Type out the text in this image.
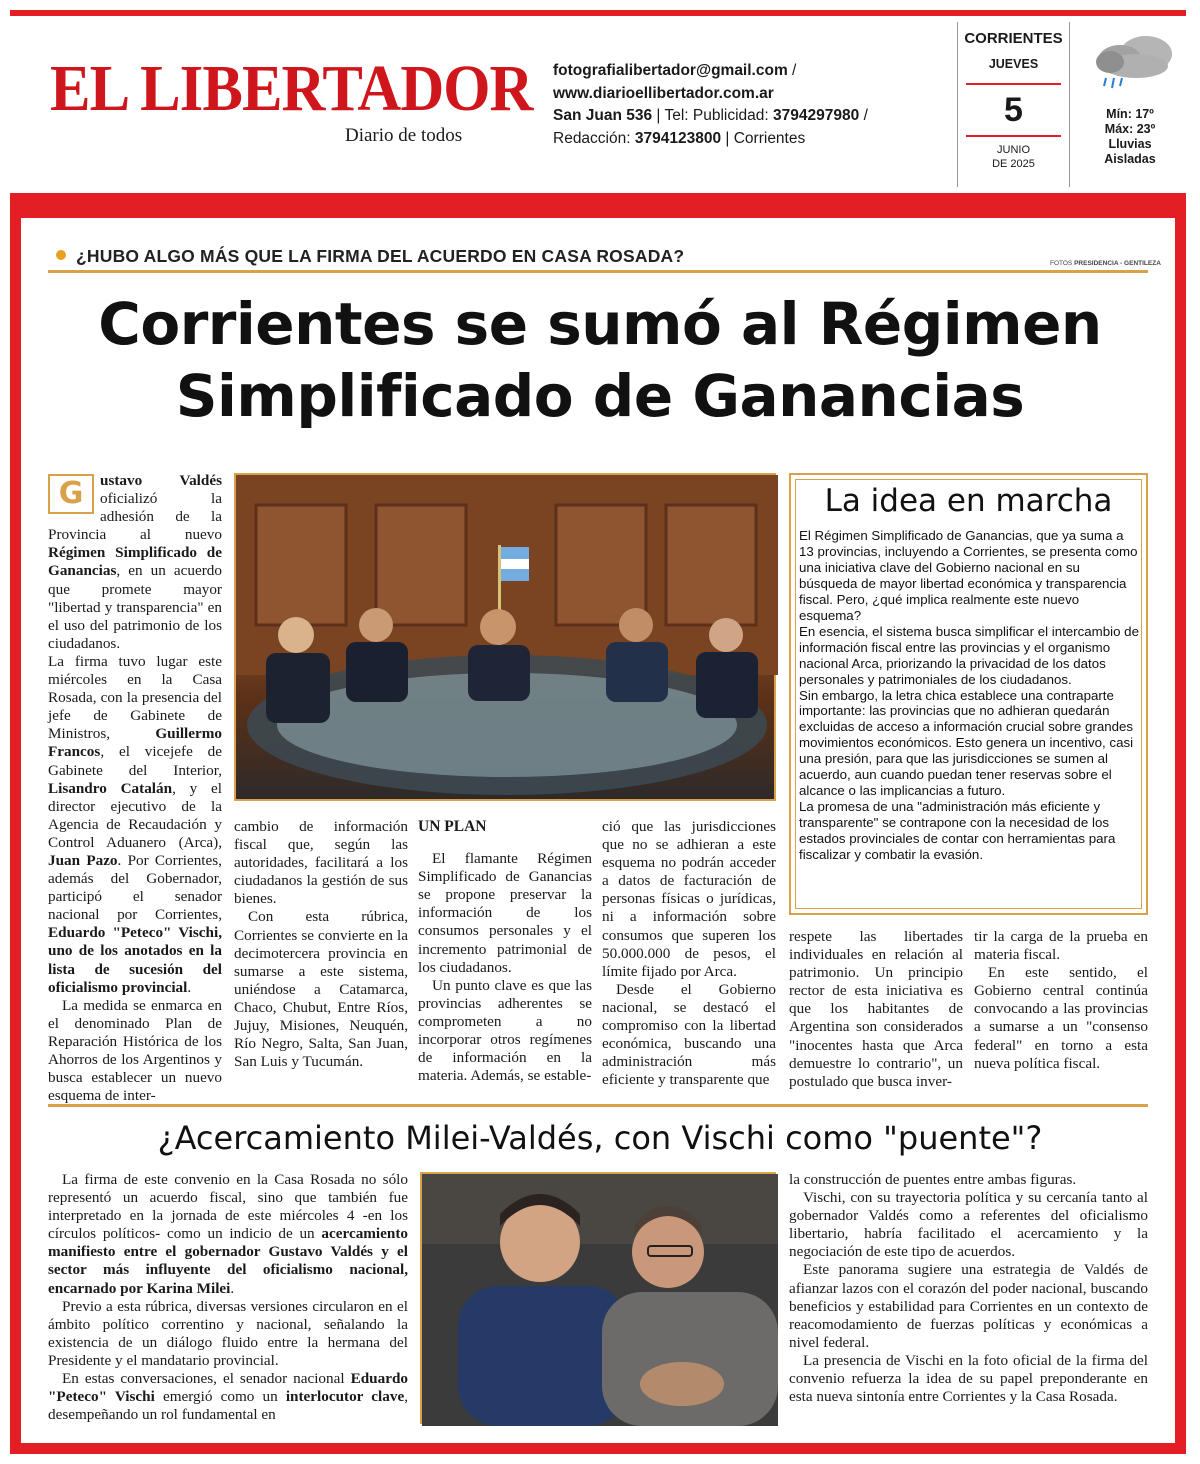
EL LIBERTADOR
Diario de todos
fotografialibertador@gmail.com /
www.diarioellibertador.com.ar
San Juan 536 | Tel: Publicidad: 3794297980 /
Redacción: 3794123800 | Corrientes
CORRIENTES
JUEVES
5
JUNIO
DE 2025
Mín: 17º
Máx: 23º
Lluvias
Aisladas
¿HUBO ALGO MÁS QUE LA FIRMA DEL ACUERDO EN CASA ROSADA?	FOTOS PRESIDENCIA - GENTILEZA
Corrientes se sumó al Régimen
Simplificado de Ganancias

G	ustavo Valdés oficializó la adhesión de la Provincia al nuevo Régimen Simplificado de Ganancias, en un acuerdo que promete mayor "libertad y transparencia" en el uso del patrimonio de los ciudadanos.

La firma tuvo lugar este miércoles en la Casa Rosada, con la presencia del jefe de Gabinete de Ministros, Guillermo Francos, el vicejefe de Gabinete del Interior, Lisandro Catalán, y el director ejecutivo de la Agencia de Recaudación y Control Aduanero (Arca), Juan Pazo. Por Corrientes, además del Gobernador, participó el senador nacional por Corrientes, Eduardo "Peteco" Vischi, uno de los anotados en la lista de sucesión del oficialismo provincial.

La medida se enmarca en el denominado Plan de Reparación Histórica de los Ahorros de los Argentinos y busca establecer un nuevo esquema de inter-

cambio de información fiscal que, según las autoridades, facilitará a los ciudadanos la gestión de sus bienes.

Con esta rúbrica, Corrientes se convierte en la decimotercera provincia en sumarse a este sistema, uniéndose a Catamarca, Chaco, Chubut, Entre Ríos, Jujuy, Misiones, Neuquén, Río Negro, Salta, San Juan, San Luis y Tucumán.

UN PLAN

El flamante Régimen Simplificado de Ganancias se propone preservar la información de los consumos personales y el incremento patrimonial de los ciudadanos.

Un punto clave es que las provincias adherentes se comprometen a no incorporar otros regímenes de información en la materia. Además, se estable-

ció que las jurisdicciones que no se adhieran a este esquema no podrán acceder a datos de facturación de personas físicas o jurídicas, ni a información sobre consumos que superen los 50.000.000 de pesos, el límite fijado por Arca.

Desde el Gobierno nacional, se destacó el compromiso con la libertad económica, buscando una administración más eficiente y transparente que

La idea en marcha

El Régimen Simplificado de Ganancias, que ya suma a 13 provincias, incluyendo a Corrientes, se presenta como una iniciativa clave del Gobierno nacional en su búsqueda de mayor libertad económica y transparencia fiscal. Pero, ¿qué implica realmente este nuevo esquema?

En esencia, el sistema busca simplificar el intercambio de información fiscal entre las provincias y el organismo nacional Arca, priorizando la privacidad de los datos personales y patrimoniales de los ciudadanos.

Sin embargo, la letra chica establece una contraparte importante: las provincias que no adhieran quedarán excluidas de acceso a información crucial sobre grandes movimientos económicos. Esto genera un incentivo, casi una presión, para que las jurisdicciones se sumen al acuerdo, aun cuando puedan tener reservas sobre el alcance o las implicancias a futuro.

La promesa de una "administración más eficiente y transparente" se contrapone con la necesidad de los estados provinciales de contar con herramientas para fiscalizar y combatir la evasión.

respete las libertades individuales en relación al patrimonio. Un principio rector de esta iniciativa es que los habitantes de Argentina son considerados "inocentes hasta que Arca demuestre lo contrario", un postulado que busca inver-

tir la carga de la prueba en materia fiscal.

En este sentido, el Gobierno central continúa convocando a las provincias a sumarse a un "consenso federal" en torno a esta nueva política fiscal.

¿Acercamiento Milei-Valdés, con Vischi como "puente"?

La firma de este convenio en la Casa Rosada no sólo representó un acuerdo fiscal, sino que también fue interpretado en la jornada de este miércoles 4 -en los círculos políticos- como un indicio de un acercamiento manifiesto entre el gobernador Gustavo Valdés y el sector más influyente del oficialismo nacional, encarnado por Karina Milei.

Previo a esta rúbrica, diversas versiones circularon en el ámbito político correntino y nacional, señalando la existencia de un diálogo fluido entre la hermana del Presidente y el mandatario provincial.

En estas conversaciones, el senador nacional Eduardo "Peteco" Vischi emergió como un interlocutor clave, desempeñando un rol fundamental en

la construcción de puentes entre ambas figuras.

Vischi, con su trayectoria política y su cercanía tanto al gobernador Valdés como a referentes del oficialismo libertario, habría facilitado el acercamiento y la negociación de este tipo de acuerdos.

Este panorama sugiere una estrategia de Valdés de afianzar lazos con el corazón del poder nacional, buscando beneficios y estabilidad para Corrientes en un contexto de reacomodamiento de fuerzas políticas y económicas a nivel federal.

La presencia de Vischi en la foto oficial de la firma del convenio refuerza la idea de su papel preponderante en esta nueva sintonía entre Corrientes y la Casa Rosada.
